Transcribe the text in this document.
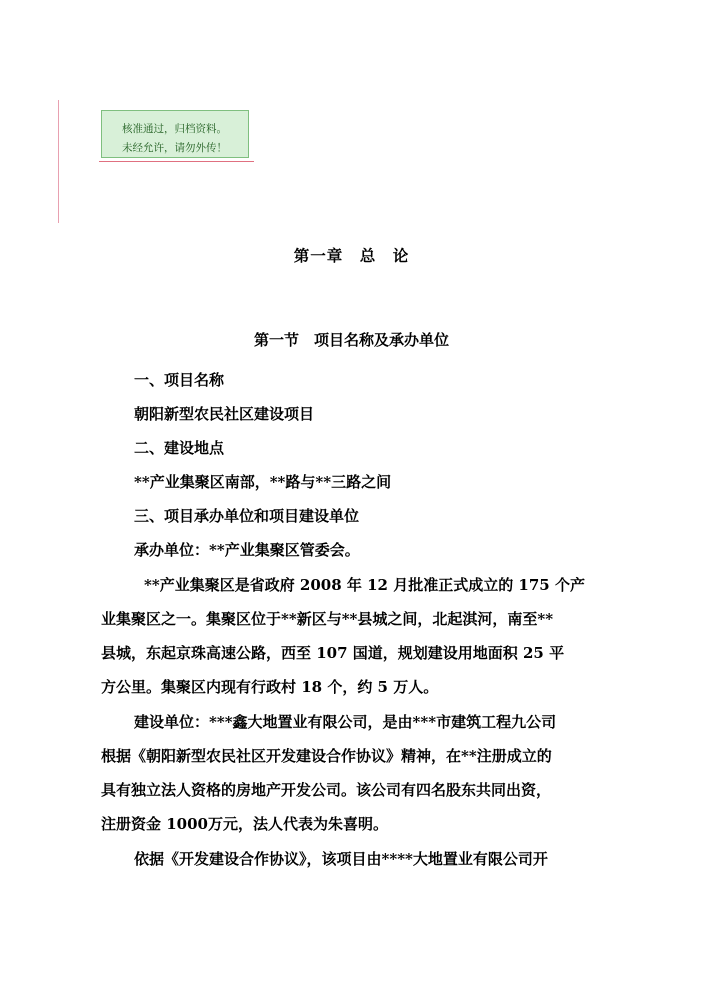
核准通过，归档资料。
未经允许，请勿外传！
第一章　总　论
第一节　项目名称及承办单位
一、项目名称
朝阳新型农民社区建设项目
二、建设地点
**产业集聚区南部，**路与**三路之间
三、项目承办单位和项目建设单位
承办单位：**产业集聚区管委会。
**产业集聚区是省政府 2008 年 12 月批准正式成立的 175 个产
业集聚区之一。集聚区位于**新区与**县城之间，北起淇河，南至**
县城，东起京珠高速公路，西至 107 国道，规划建设用地面积 25 平
方公里。集聚区内现有行政村 18 个，约 5 万人。
建设单位：***鑫大地置业有限公司，是由***市建筑工程九公司
根据《朝阳新型农民社区开发建设合作协议》精神，在**注册成立的
具有独立法人资格的房地产开发公司。该公司有四名股东共同出资，
注册资金 1000万元，法人代表为朱喜明。
依据《开发建设合作协议》，该项目由****大地置业有限公司开
